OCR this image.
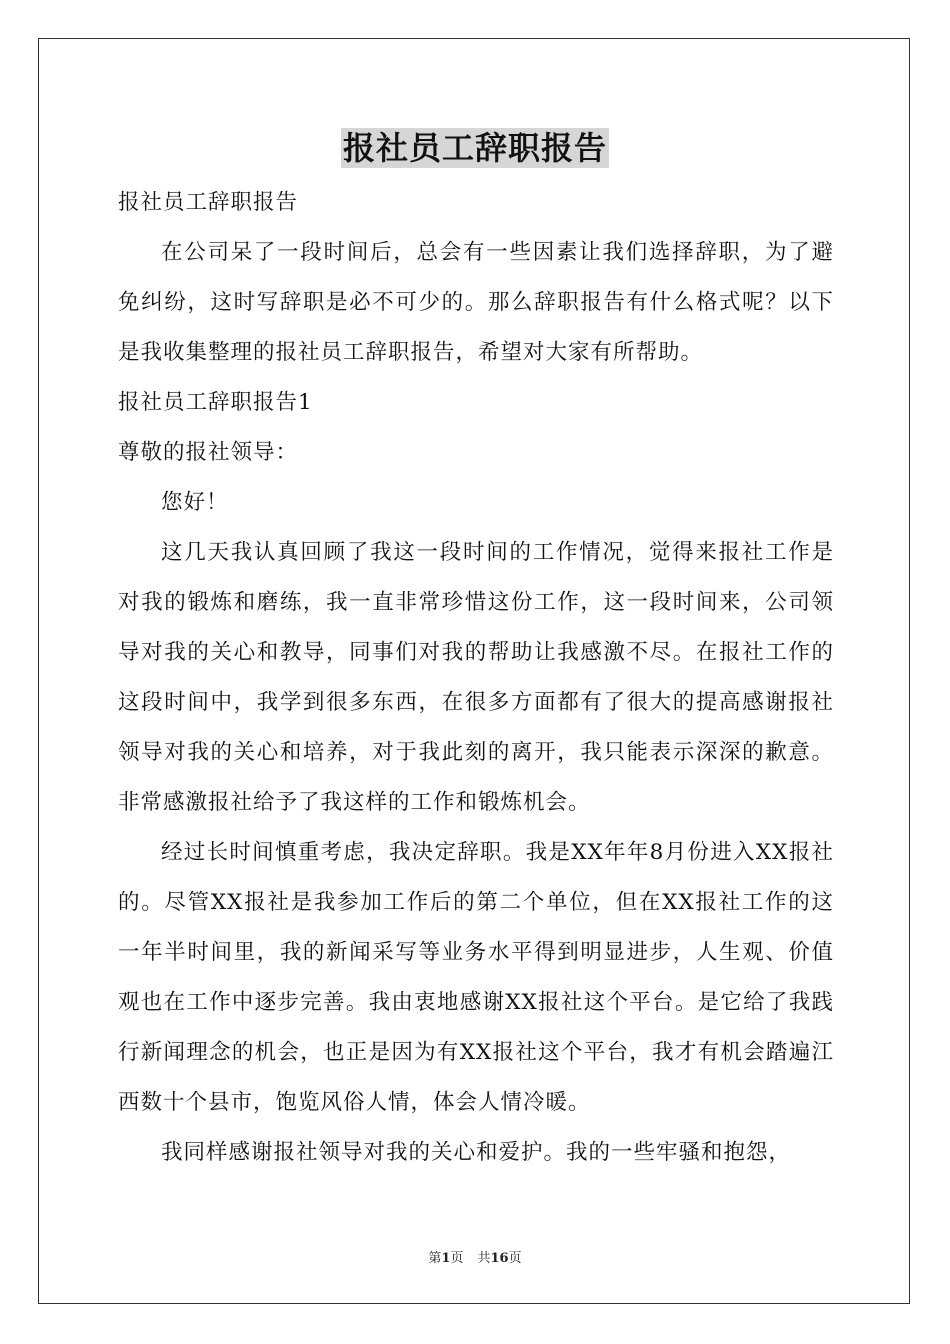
报社员工辞职报告

报社员工辞职报告

在公司呆了一段时间后，总会有一些因素让我们选择辞职，为了避免纠纷，这时写辞职是必不可少的。那么辞职报告有什么格式呢？以下是我收集整理的报社员工辞职报告，希望对大家有所帮助。

报社员工辞职报告1

尊敬的报社领导：

您好！

这几天我认真回顾了我这一段时间的工作情况，觉得来报社工作是对我的锻炼和磨练，我一直非常珍惜这份工作，这一段时间来，公司领导对我的关心和教导，同事们对我的帮助让我感激不尽。在报社工作的这段时间中，我学到很多东西，在很多方面都有了很大的提高感谢报社领导对我的关心和培养，对于我此刻的离开，我只能表示深深的歉意。非常感激报社给予了我这样的工作和锻炼机会。

经过长时间慎重考虑，我决定辞职。我是XX年年8月份进入XX报社的。尽管XX报社是我参加工作后的第二个单位，但在XX报社工作的这一年半时间里，我的新闻采写等业务水平得到明显进步，人生观、价值观也在工作中逐步完善。我由衷地感谢XX报社这个平台。是它给了我践行新闻理念的机会，也正是因为有XX报社这个平台，我才有机会踏遍江西数十个县市，饱览风俗人情，体会人情冷暖。

我同样感谢报社领导对我的关心和爱护。我的一些牢骚和抱怨，

第1页 共16页
